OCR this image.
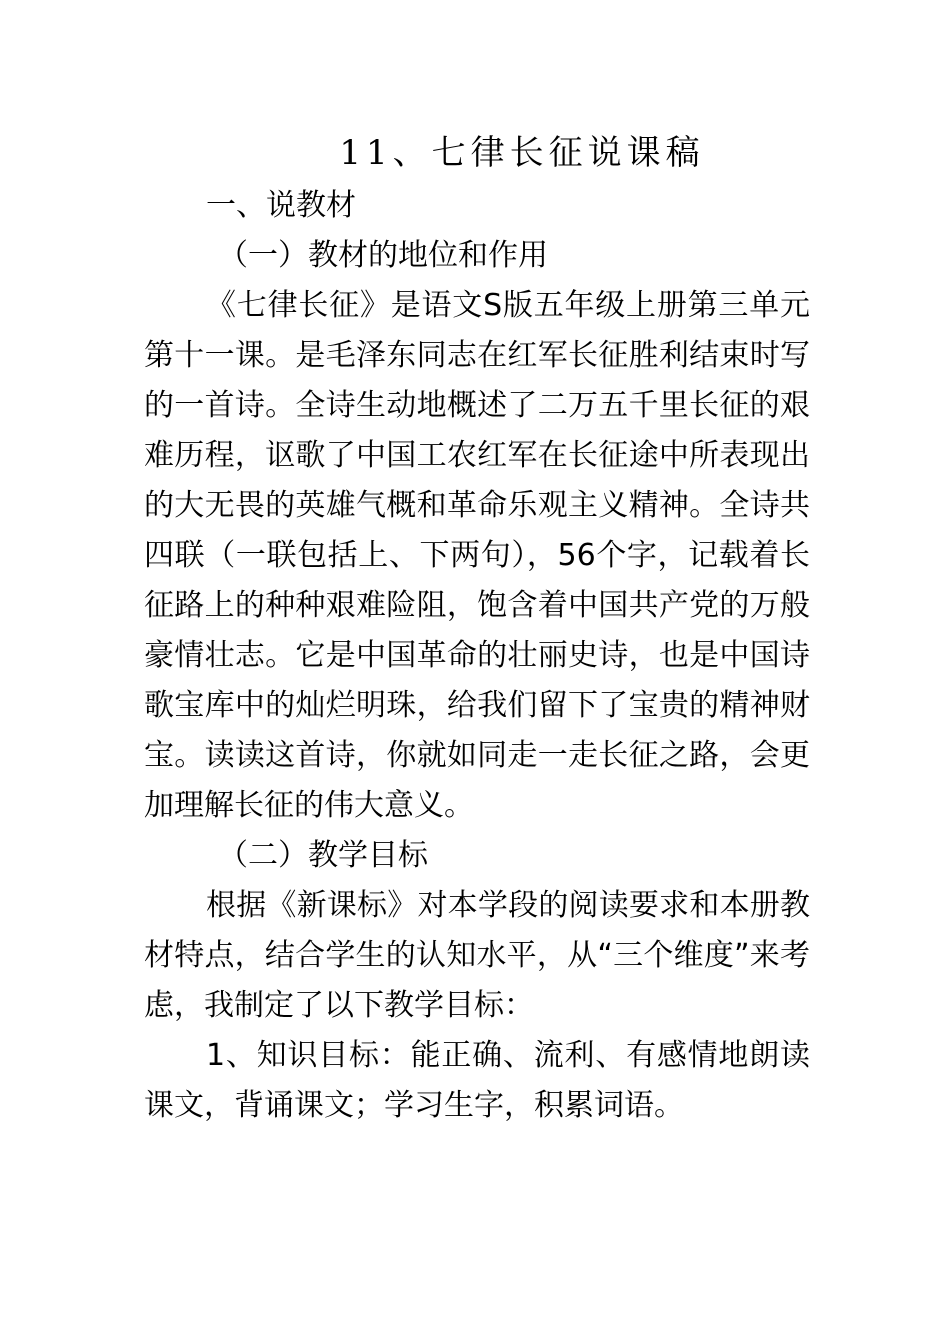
11、七律长征说课稿
一、说教材
（一）教材的地位和作用

《七律长征》是语文S版五年级上册第三单元第十一课。是毛泽东同志在红军长征胜利结束时写的一首诗。全诗生动地概述了二万五千里长征的艰难历程，讴歌了中国工农红军在长征途中所表现出的大无畏的英雄气概和革命乐观主义精神。全诗共四联（一联包括上、下两句），56个字，记载着长征路上的种种艰难险阻，饱含着中国共产党的万般豪情壮志。它是中国革命的壮丽史诗，也是中国诗歌宝库中的灿烂明珠，给我们留下了宝贵的精神财宝。读读这首诗，你就如同走一走长征之路，会更加理解长征的伟大意义。

（二）教学目标

根据《新课标》对本学段的阅读要求和本册教材特点，结合学生的认知水平，从“三个维度”来考虑，我制定了以下教学目标：

1、知识目标：能正确、流利、有感情地朗读课文，背诵课文；学习生字，积累词语。
